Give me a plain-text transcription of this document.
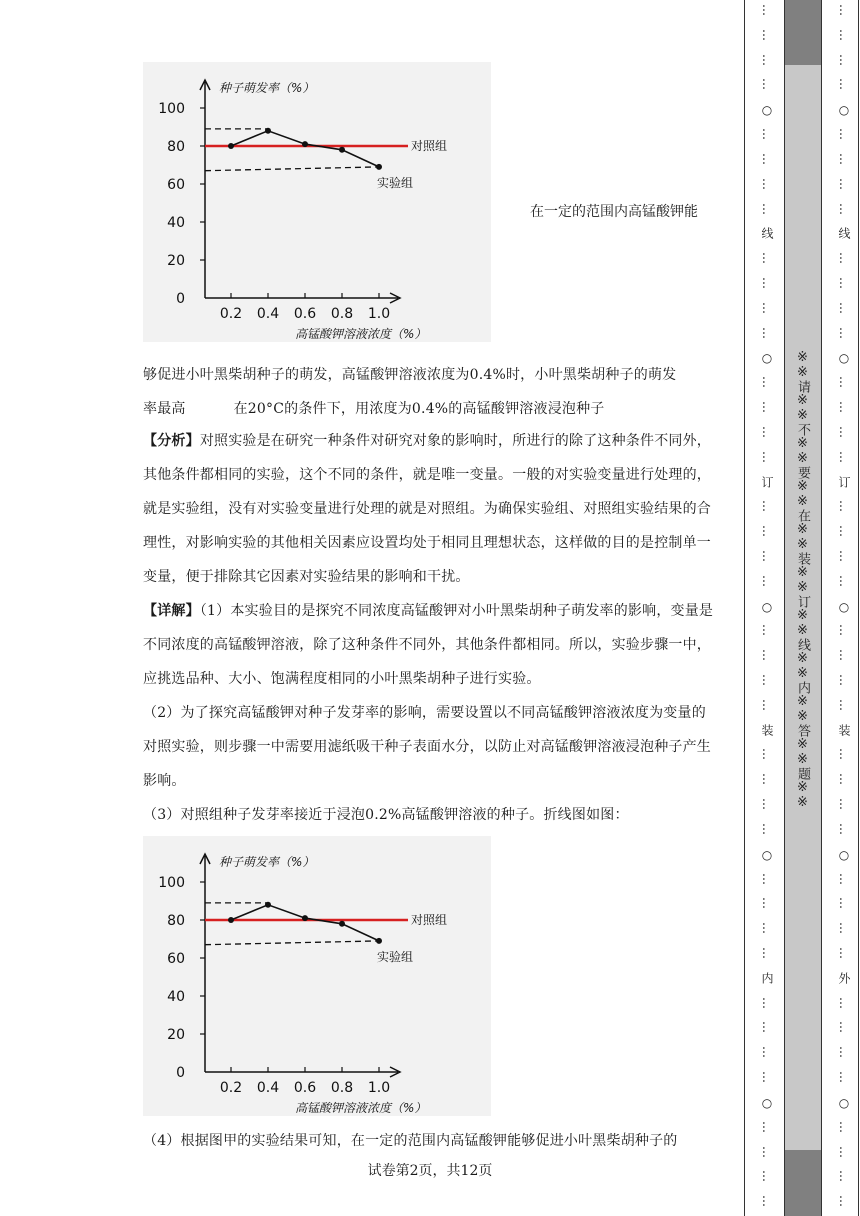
0
20
40
60
80
100
0.2 0.4 0.6 0.8 1.0
种子萌发率（%）
高锰酸钾溶液浓度（%）
对照组
实验组
在一定的范围内高锰酸钾能
够促进小叶黑柴胡种子的萌发，高锰酸钾溶液浓度为0.4%时，小叶黑柴胡种子的萌发
率最高	在20°C的条件下，用浓度为0.4%的高锰酸钾溶液浸泡种子
【分析】对照实验是在研究一种条件对研究对象的影响时，所进行的除了这种条件不同外，其他条件都相同的实验，这个不同的条件，就是唯一变量。一般的对实验变量进行处理的，就是实验组，没有对实验变量进行处理的就是对照组。为确保实验组、对照组实验结果的合理性，对影响实验的其他相关因素应设置均处于相同且理想状态，这样做的目的是控制单一变量，便于排除其它因素对实验结果的影响和干扰。
【详解】（1）本实验目的是探究不同浓度高锰酸钾对小叶黑柴胡种子萌发率的影响，变量是不同浓度的高锰酸钾溶液，除了这种条件不同外，其他条件都相同。所以，实验步骤一中，应挑选品种、大小、饱满程度相同的小叶黑柴胡种子进行实验。
（2）为了探究高锰酸钾对种子发芽率的影响，需要设置以不同高锰酸钾溶液浓度为变量的对照实验，则步骤一中需要用滤纸吸干种子表面水分，以防止对高锰酸钾溶液浸泡种子产生影响。
（3）对照组种子发芽率接近于浸泡0.2%高锰酸钾溶液的种子。折线图如图：
0
20
40
60
80
100
0.2 0.4 0.6 0.8 1.0
种子萌发率（%）
高锰酸钾溶液浓度（%）
对照组
实验组
（4）根据图甲的实验结果可知，在一定的范围内高锰酸钾能够促进小叶黑柴胡种子的
试卷第2页，共12页
…
…
…
…
○
…
…
…
…
线
…
…
…
…
○
…
…
…
…
订
…
…
…
…
○
…
…
…
…
装
…
…
…
…
○
…
…
…
…
内
…
…
…
…
○
…
…
…
…
※※请※※不※※要※※在※※装※※订※※线※※内※※答※※题※※
…
…
…
…
○
…
…
…
…
线
…
…
…
…
○
…
…
…
…
订
…
…
…
…
○
…
…
…
…
装
…
…
…
…
○
…
…
…
…
外
…
…
…
…
○
…
…
…
…
